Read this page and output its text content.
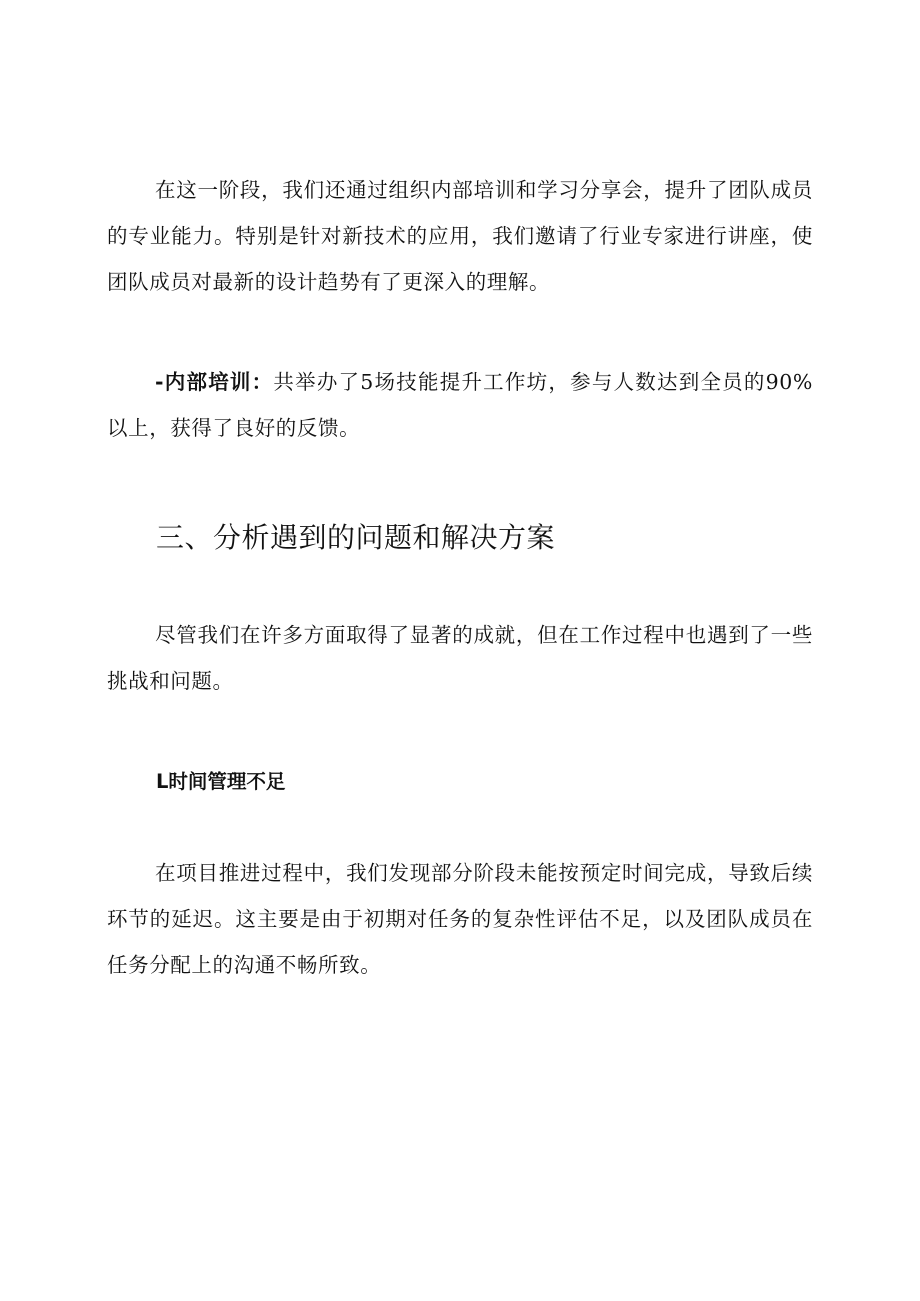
在这一阶段，我们还通过组织内部培训和学习分享会，提升了团队成员的专业能力。特别是针对新技术的应用，我们邀请了行业专家进行讲座，使团队成员对最新的设计趋势有了更深入的理解。

-内部培训：共举办了5场技能提升工作坊，参与人数达到全员的90%以上，获得了良好的反馈。

三、分析遇到的问题和解决方案

尽管我们在许多方面取得了显著的成就，但在工作过程中也遇到了一些挑战和问题。

L时间管理不足

在项目推进过程中，我们发现部分阶段未能按预定时间完成，导致后续环节的延迟。这主要是由于初期对任务的复杂性评估不足，以及团队成员在任务分配上的沟通不畅所致。
